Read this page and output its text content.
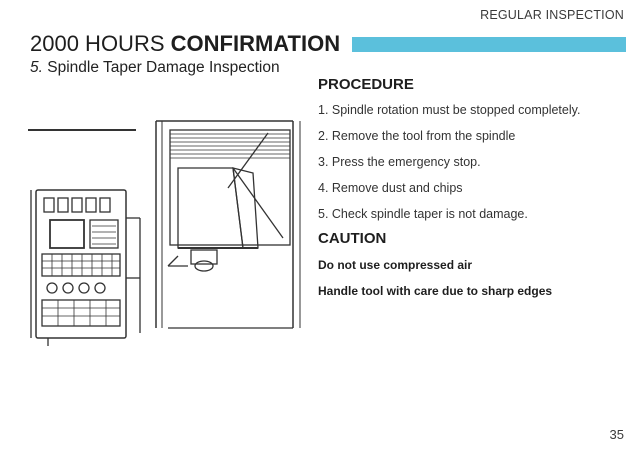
REGULAR INSPECTION
2000 HOURS CONFIRMATION
5. Spindle Taper Damage Inspection
PROCEDURE
1. Spindle rotation must be stopped completely.
2. Remove the tool from the spindle
3. Press the emergency stop.
4. Remove dust and chips
5. Check spindle taper is not damage.
CAUTION
Do not use compressed air
Handle tool with care due to sharp edges
35
